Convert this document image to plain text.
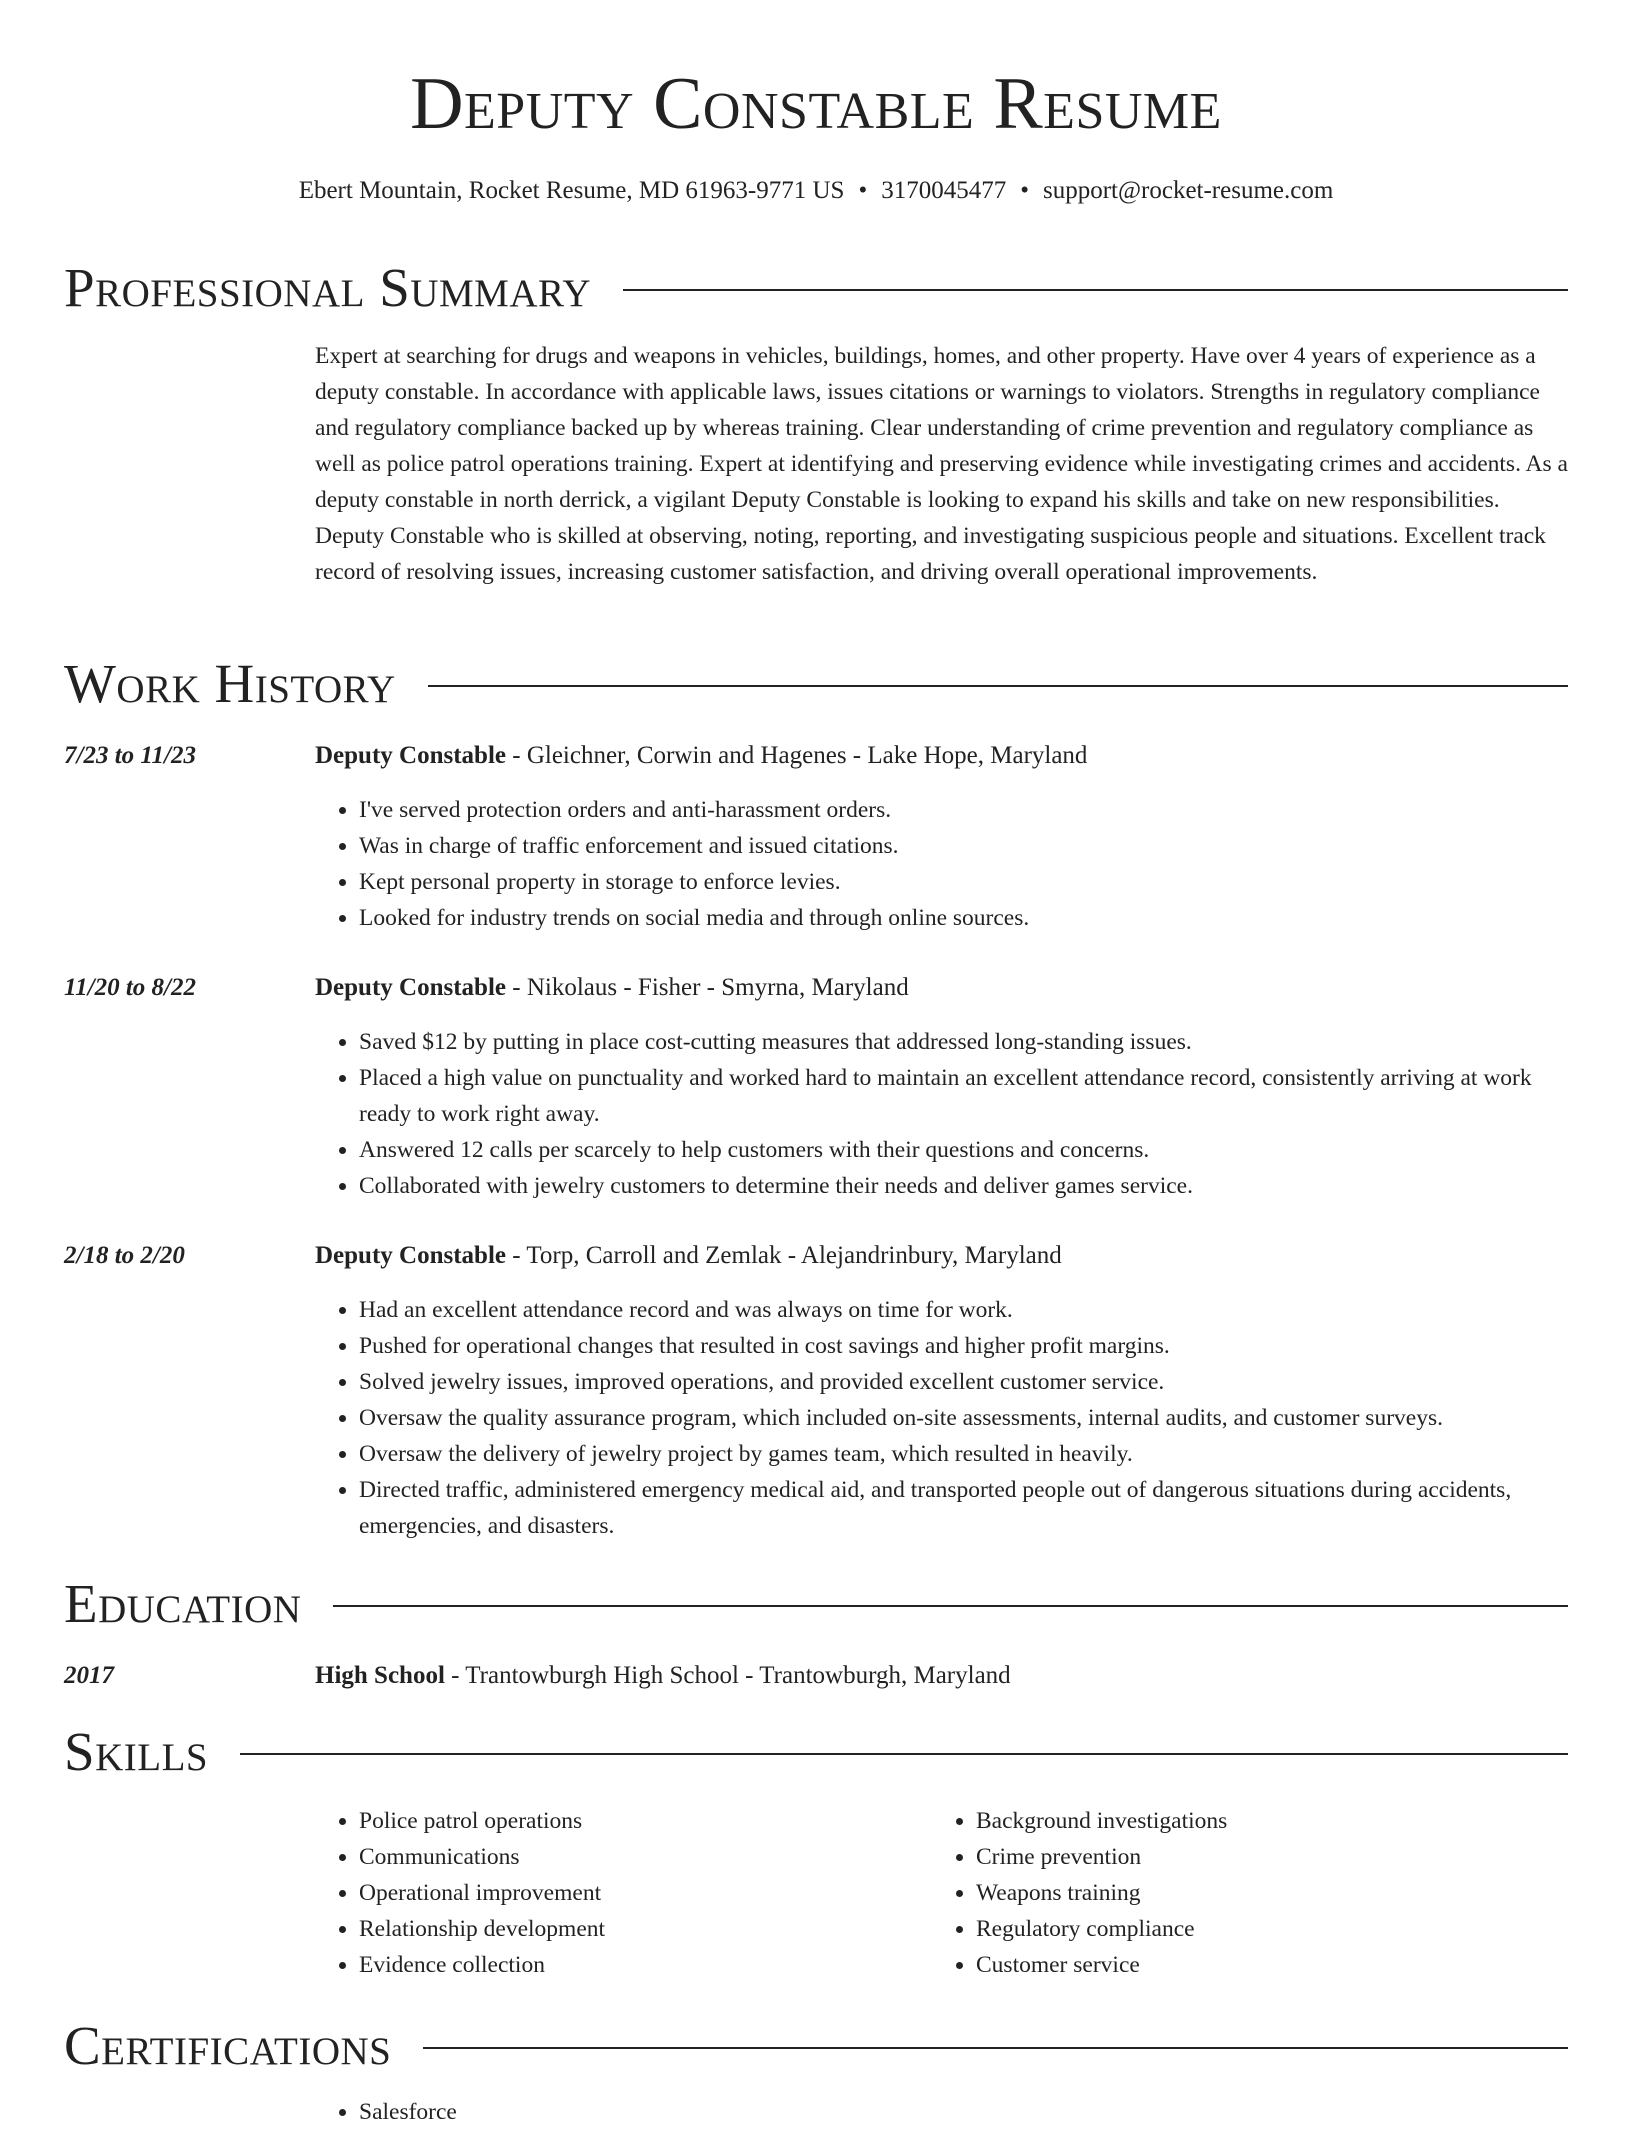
Deputy Constable Resume
Ebert Mountain, Rocket Resume, MD 61963-9771 US • 3170045477 • support@rocket-resume.com
Professional Summary

Expert at searching for drugs and weapons in vehicles, buildings, homes, and other property. Have over 4 years of experience as a deputy constable. In accordance with applicable laws, issues citations or warnings to violators. Strengths in regulatory compliance and regulatory compliance backed up by whereas training. Clear understanding of crime prevention and regulatory compliance as well as police patrol operations training. Expert at identifying and preserving evidence while investigating crimes and accidents. As a deputy constable in north derrick, a vigilant Deputy Constable is looking to expand his skills and take on new responsibilities. Deputy Constable who is skilled at observing, noting, reporting, and investigating suspicious people and situations. Excellent track record of resolving issues, increasing customer satisfaction, and driving overall operational improvements.

Work History
7/23 to 11/23	Deputy Constable - Gleichner, Corwin and Hagenes - Lake Hope, Maryland
• I've served protection orders and anti-harassment orders.
• Was in charge of traffic enforcement and issued citations.
• Kept personal property in storage to enforce levies.
• Looked for industry trends on social media and through online sources.
11/20 to 8/22	Deputy Constable - Nikolaus - Fisher - Smyrna, Maryland
• Saved $12 by putting in place cost-cutting measures that addressed long-standing issues.
• Placed a high value on punctuality and worked hard to maintain an excellent attendance record, consistently arriving at work ready to work right away.
• Answered 12 calls per scarcely to help customers with their questions and concerns.
• Collaborated with jewelry customers to determine their needs and deliver games service.
2/18 to 2/20	Deputy Constable - Torp, Carroll and Zemlak - Alejandrinbury, Maryland
• Had an excellent attendance record and was always on time for work.
• Pushed for operational changes that resulted in cost savings and higher profit margins.
• Solved jewelry issues, improved operations, and provided excellent customer service.
• Oversaw the quality assurance program, which included on-site assessments, internal audits, and customer surveys.
• Oversaw the delivery of jewelry project by games team, which resulted in heavily.
• Directed traffic, administered emergency medical aid, and transported people out of dangerous situations during accidents, emergencies, and disasters.
Education
2017	High School - Trantowburgh High School - Trantowburgh, Maryland
Skills
• Police patrol operations
• Communications
• Operational improvement
• Relationship development
• Evidence collection
• Background investigations
• Crime prevention
• Weapons training
• Regulatory compliance
• Customer service
Certifications
• Salesforce
